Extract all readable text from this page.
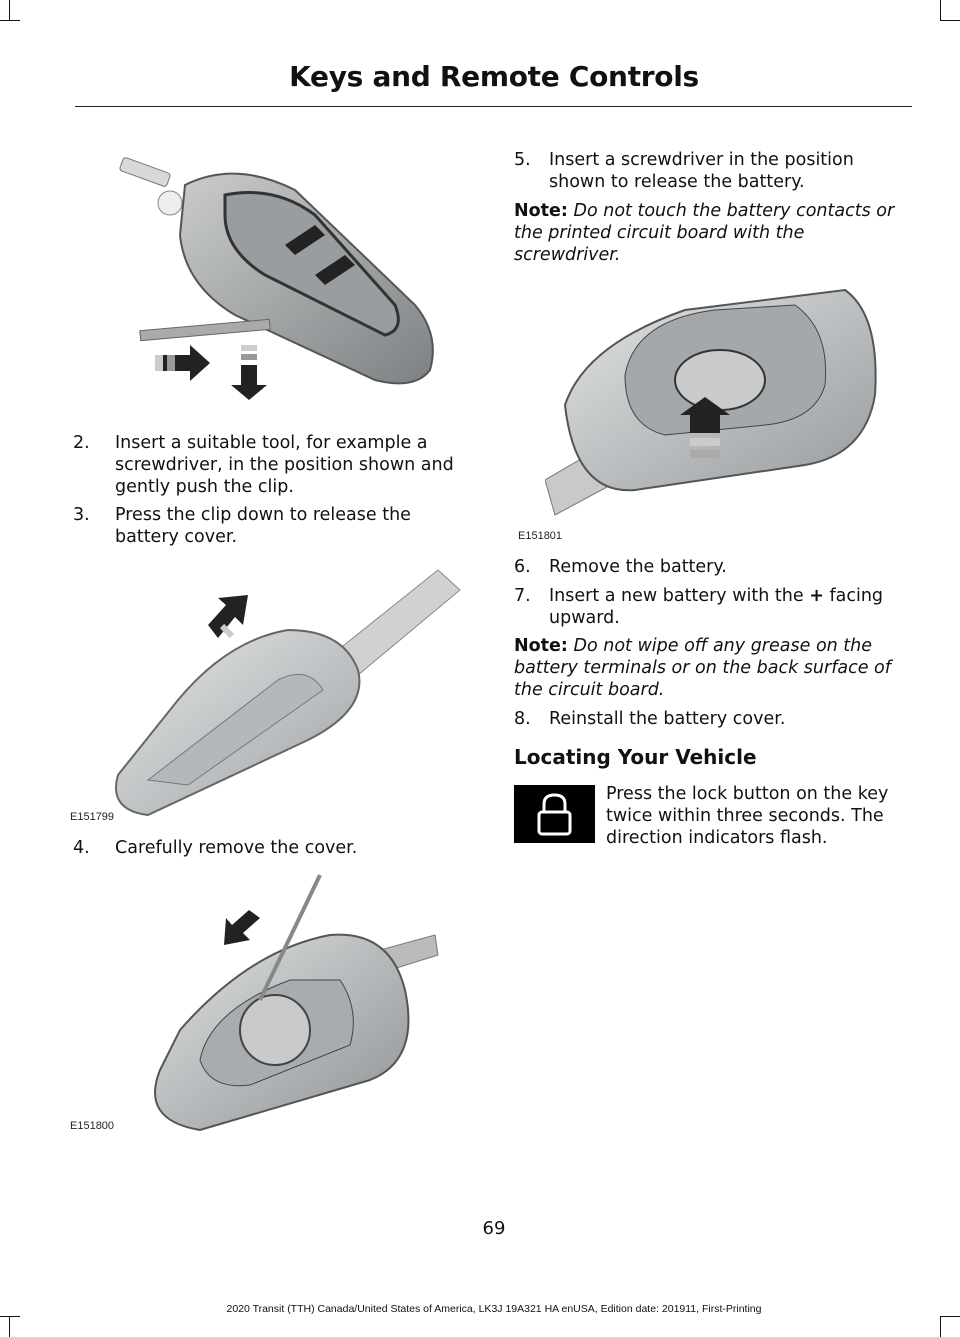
Keys and Remote Controls
E151799
E151800
E151801
2. Insert a suitable tool, for example a
screwdriver, in the position shown and
gently push the clip.
3. Press the clip down to release the
battery cover.
4. Carefully remove the cover.
5. Insert a screwdriver in the position
shown to release the battery.
Note: Do not touch the battery contacts or
the printed circuit board with the
screwdriver.
6. Remove the battery.
7. Insert a new battery with the + facing
upward.
Note: Do not wipe off any grease on the
battery terminals or on the back surface of
the circuit board.
8. Reinstall the battery cover.
Locating Your Vehicle
Press the lock button on the key
twice within three seconds. The
direction indicators flash.
69
2020 Transit (TTH) Canada/United States of America, LK3J 19A321 HA enUSA, Edition date: 201911, First-Printing
